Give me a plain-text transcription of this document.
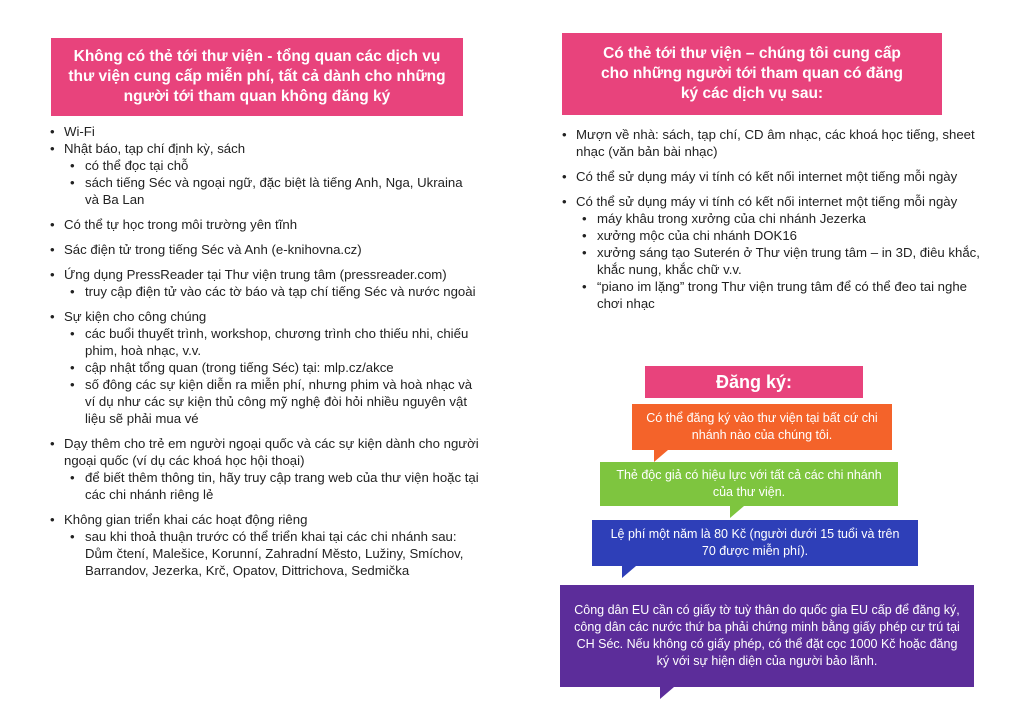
Không có thẻ tới thư viện - tổng quan các dịch vụ thư viện cung cấp miễn phí, tất cả dành cho những người tới tham quan không đăng ký
• Wi-Fi
• Nhật báo, tạp chí định kỳ, sách
• có thể đọc tại chỗ
• sách tiếng Séc và ngoại ngữ, đặc biệt là tiếng Anh, Nga, Ukraina và Ba Lan
• Có thể tự học trong môi trường yên tĩnh
• Sác điện tử trong tiếng Séc và Anh (e-knihovna.cz)
• Ứng dụng PressReader tại Thư viện trung tâm (pressreader.com)
• truy cập điện tử vào các tờ báo và tạp chí tiếng Séc và nước ngoài
• Sự kiện cho công chúng
• các buổi thuyết trình, workshop, chương trình cho thiếu nhi, chiếu phim, hoà nhạc, v.v.
• cập nhật tổng quan (trong tiếng Séc) tại: mlp.cz/akce
• số đông các sự kiện diễn ra miễn phí, nhưng phim và hoà nhạc và ví dụ như các sự kiện thủ công mỹ nghệ đòi hỏi nhiều nguyên vật liệu sẽ phải mua vé
• Dạy thêm cho trẻ em người ngoại quốc và các sự kiện dành cho người ngoại quốc (ví dụ các khoá học hội thoại)
• để biết thêm thông tin, hãy truy cập trang web của thư viện hoặc tại các chi nhánh riêng lẻ
• Không gian triển khai các hoạt động riêng
• sau khi thoả thuận trước có thể triển khai tại các chi nhánh sau: Dům čtení, Malešice, Korunní, Zahradní Město, Lužiny, Smíchov, Barrandov, Jezerka, Krč, Opatov, Dittrichova, Sedmička
Có thẻ tới thư viện – chúng tôi cung cấp cho những người tới tham quan có đăng ký các dịch vụ sau:
• Mượn về nhà: sách, tạp chí, CD âm nhạc, các khoá học tiếng, sheet nhạc (văn bản bài nhạc)
• Có thể sử dụng máy vi tính có kết nối internet một tiếng mỗi ngày
• Có thể sử dụng máy vi tính có kết nối internet một tiếng mỗi ngày
• máy khâu trong xưởng của chi nhánh Jezerka
• xưởng mộc của chi nhánh DOK16
• xưởng sáng tạo Suterén ở Thư viện trung tâm – in 3D, điêu khắc, khắc nung, khắc chữ v.v.
• “piano im lặng” trong Thư viện trung tâm để có thể đeo tai nghe chơi nhạc
Đăng ký:
Có thể đăng ký vào thư viện tại bất cứ chi nhánh nào của chúng tôi.
Thẻ độc giả có hiệu lực với tất cả các chi nhánh của thư viện.
Lệ phí một năm là 80 Kč (người dưới 15 tuổi và trên 70 được miễn phí).
Công dân EU cần có giấy tờ tuỳ thân do quốc gia EU cấp để đăng ký, công dân các nước thứ ba phải chứng minh bằng giấy phép cư trú tại CH Séc. Nếu không có giấy phép, có thể đặt cọc 1000 Kč hoặc đăng ký với sự hiện diện của người bảo lãnh.
